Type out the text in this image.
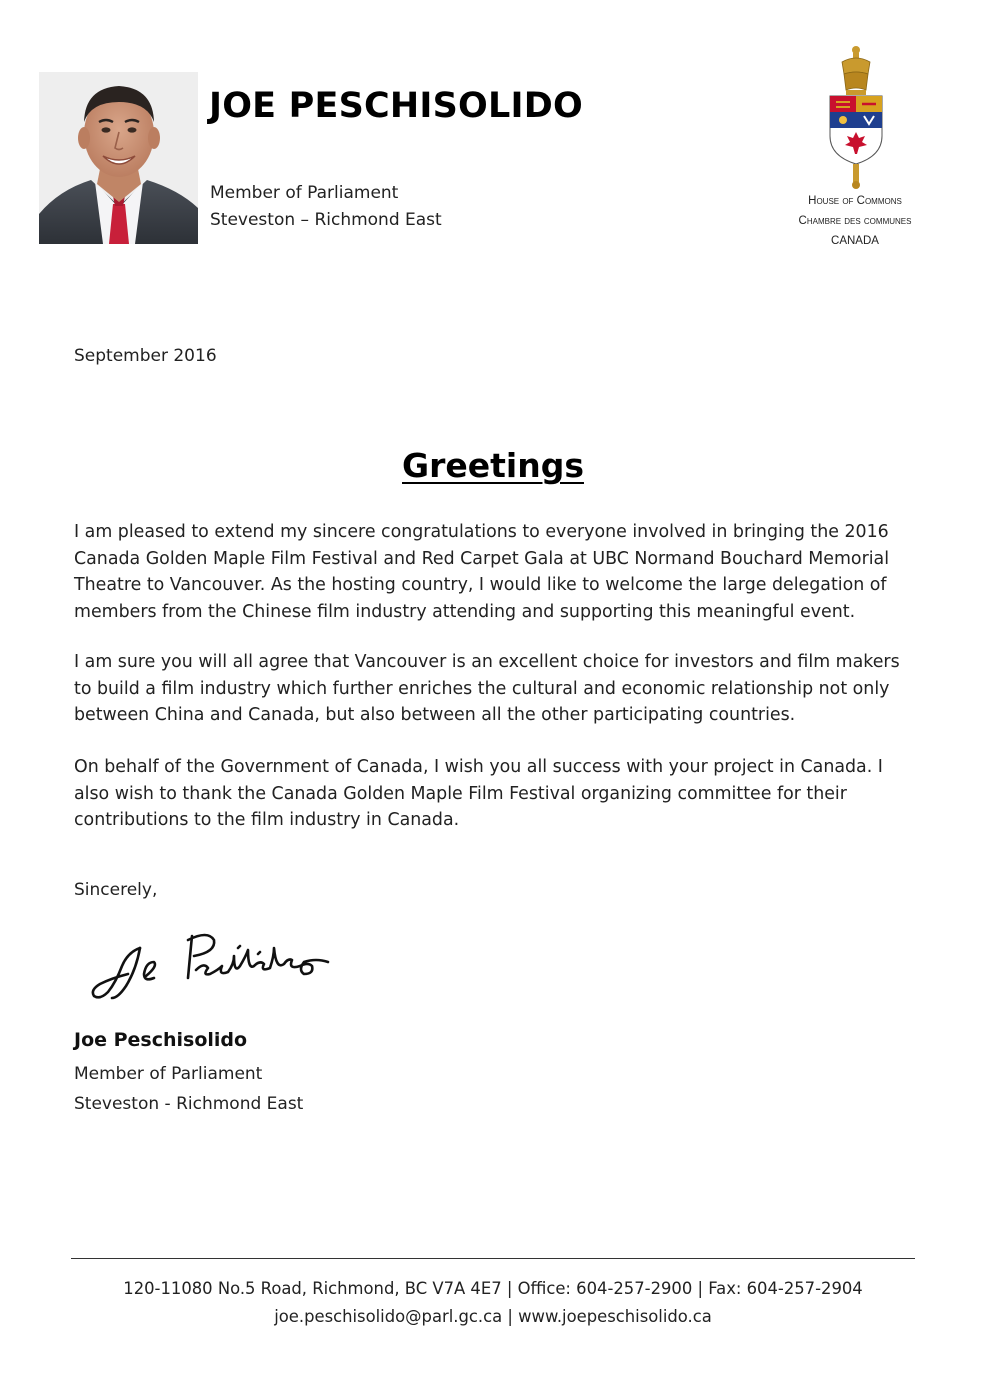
JOE PESCHISOLIDO
Member of Parliament
Steveston – Richmond East
House of Commons
Chambre des communes
CANADA
September 2016
Greetings
I am pleased to extend my sincere congratulations to everyone involved in bringing the 2016 Canada Golden Maple Film Festival and Red Carpet Gala at UBC Normand Bouchard Memorial Theatre to Vancouver. As the hosting country, I would like to welcome the large delegation of members from the Chinese film industry attending and supporting this meaningful event.
I am sure you will all agree that Vancouver is an excellent choice for investors and film makers to build a film industry which further enriches the cultural and economic relationship not only between China and Canada, but also between all the other participating countries.
On behalf of the Government of Canada, I wish you all success with your project in Canada. I also wish to thank the Canada Golden Maple Film Festival organizing committee for their contributions to the film industry in Canada.
Sincerely,
Joe Peschisolido
Member of Parliament
Steveston - Richmond East
120-11080 No.5 Road, Richmond, BC V7A 4E7 | Office: 604-257-2900 | Fax: 604-257-2904
joe.peschisolido@parl.gc.ca | www.joepeschisolido.ca
